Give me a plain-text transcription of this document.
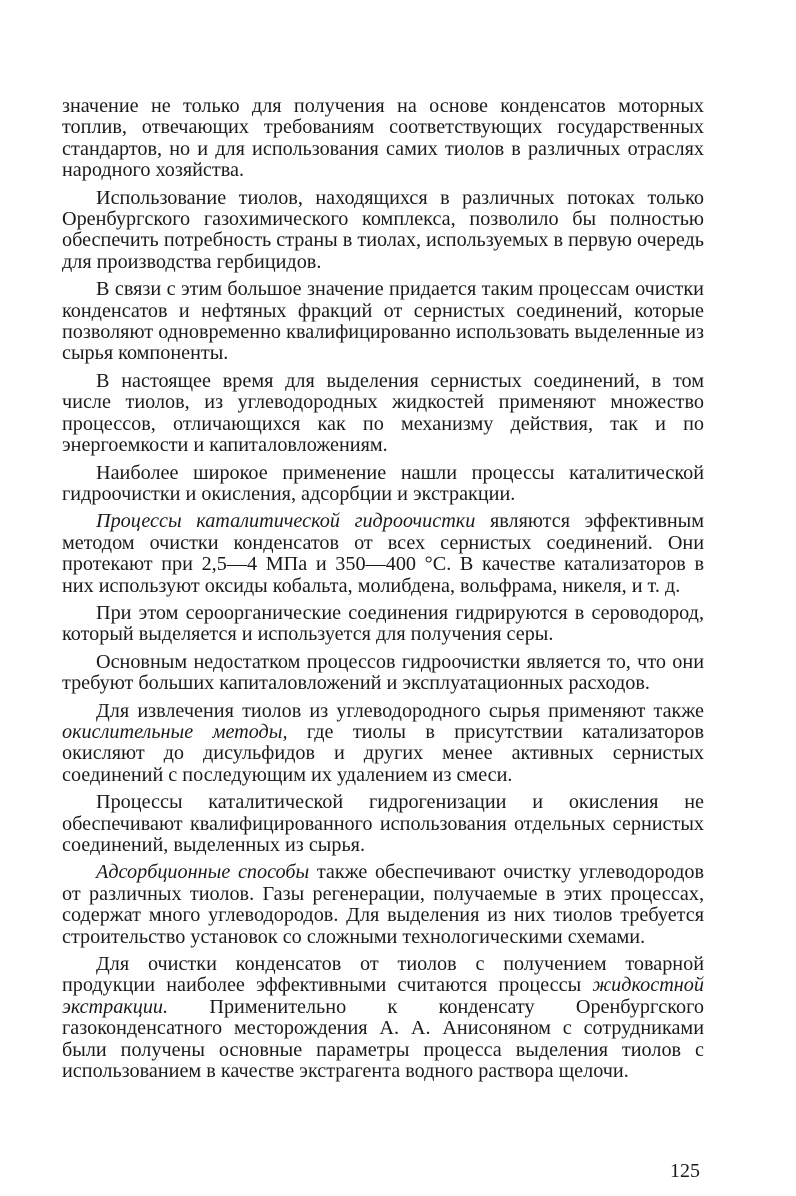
значение не только для получения на основе конденсатов моторных топлив, отвечающих требованиям соответствующих государственных стандартов, но и для использования самих тиолов в различных отраслях народного хозяйства.

Использование тиолов, находящихся в различных потоках только Оренбургского газохимического комплекса, позволило бы полностью обеспечить потребность страны в тиолах, используемых в первую очередь для производства гербицидов.

В связи с этим большое значение придается таким процессам очистки конденсатов и нефтяных фракций от сернистых соединений, которые позволяют одновременно квалифицированно использовать выделенные из сырья компоненты.

В настоящее время для выделения сернистых соединений, в том числе тиолов, из углеводородных жидкостей применяют множество процессов, отличающихся как по механизму действия, так и по энергоемкости и капиталовложениям.

Наиболее широкое применение нашли процессы каталитической гидроочистки и окисления, адсорбции и экстракции.

Процессы каталитической гидроочистки являются эффективным методом очистки конденсатов от всех сернистых соединений. Они протекают при 2,5—4 МПа и 350—400 °С. В качестве катализаторов в них используют оксиды кобальта, молибдена, вольфрама, никеля, и т. д.

При этом сероорганические соединения гидрируются в сероводород, который выделяется и используется для получения серы.

Основным недостатком процессов гидроочистки является то, что они требуют больших капиталовложений и эксплуатационных расходов.

Для извлечения тиолов из углеводородного сырья применяют также окислительные методы, где тиолы в присутствии катализаторов окисляют до дисульфидов и других менее активных сернистых соединений с последующим их удалением из смеси.

Процессы каталитической гидрогенизации и окисления не обеспечивают квалифицированного использования отдельных сернистых соединений, выделенных из сырья.

Адсорбционные способы также обеспечивают очистку углеводородов от различных тиолов. Газы регенерации, получаемые в этих процессах, содержат много углеводородов. Для выделения из них тиолов требуется строительство установок со сложными технологическими схемами.

Для очистки конденсатов от тиолов с получением товарной продукции наиболее эффективными считаются процессы жидкостной экстракции. Применительно к конденсату Оренбургского газоконденсатного месторождения А. А. Анисоняном с сотрудниками были получены основные параметры процесса выделения тиолов с использованием в качестве экстрагента водного раствора щелочи.

125
